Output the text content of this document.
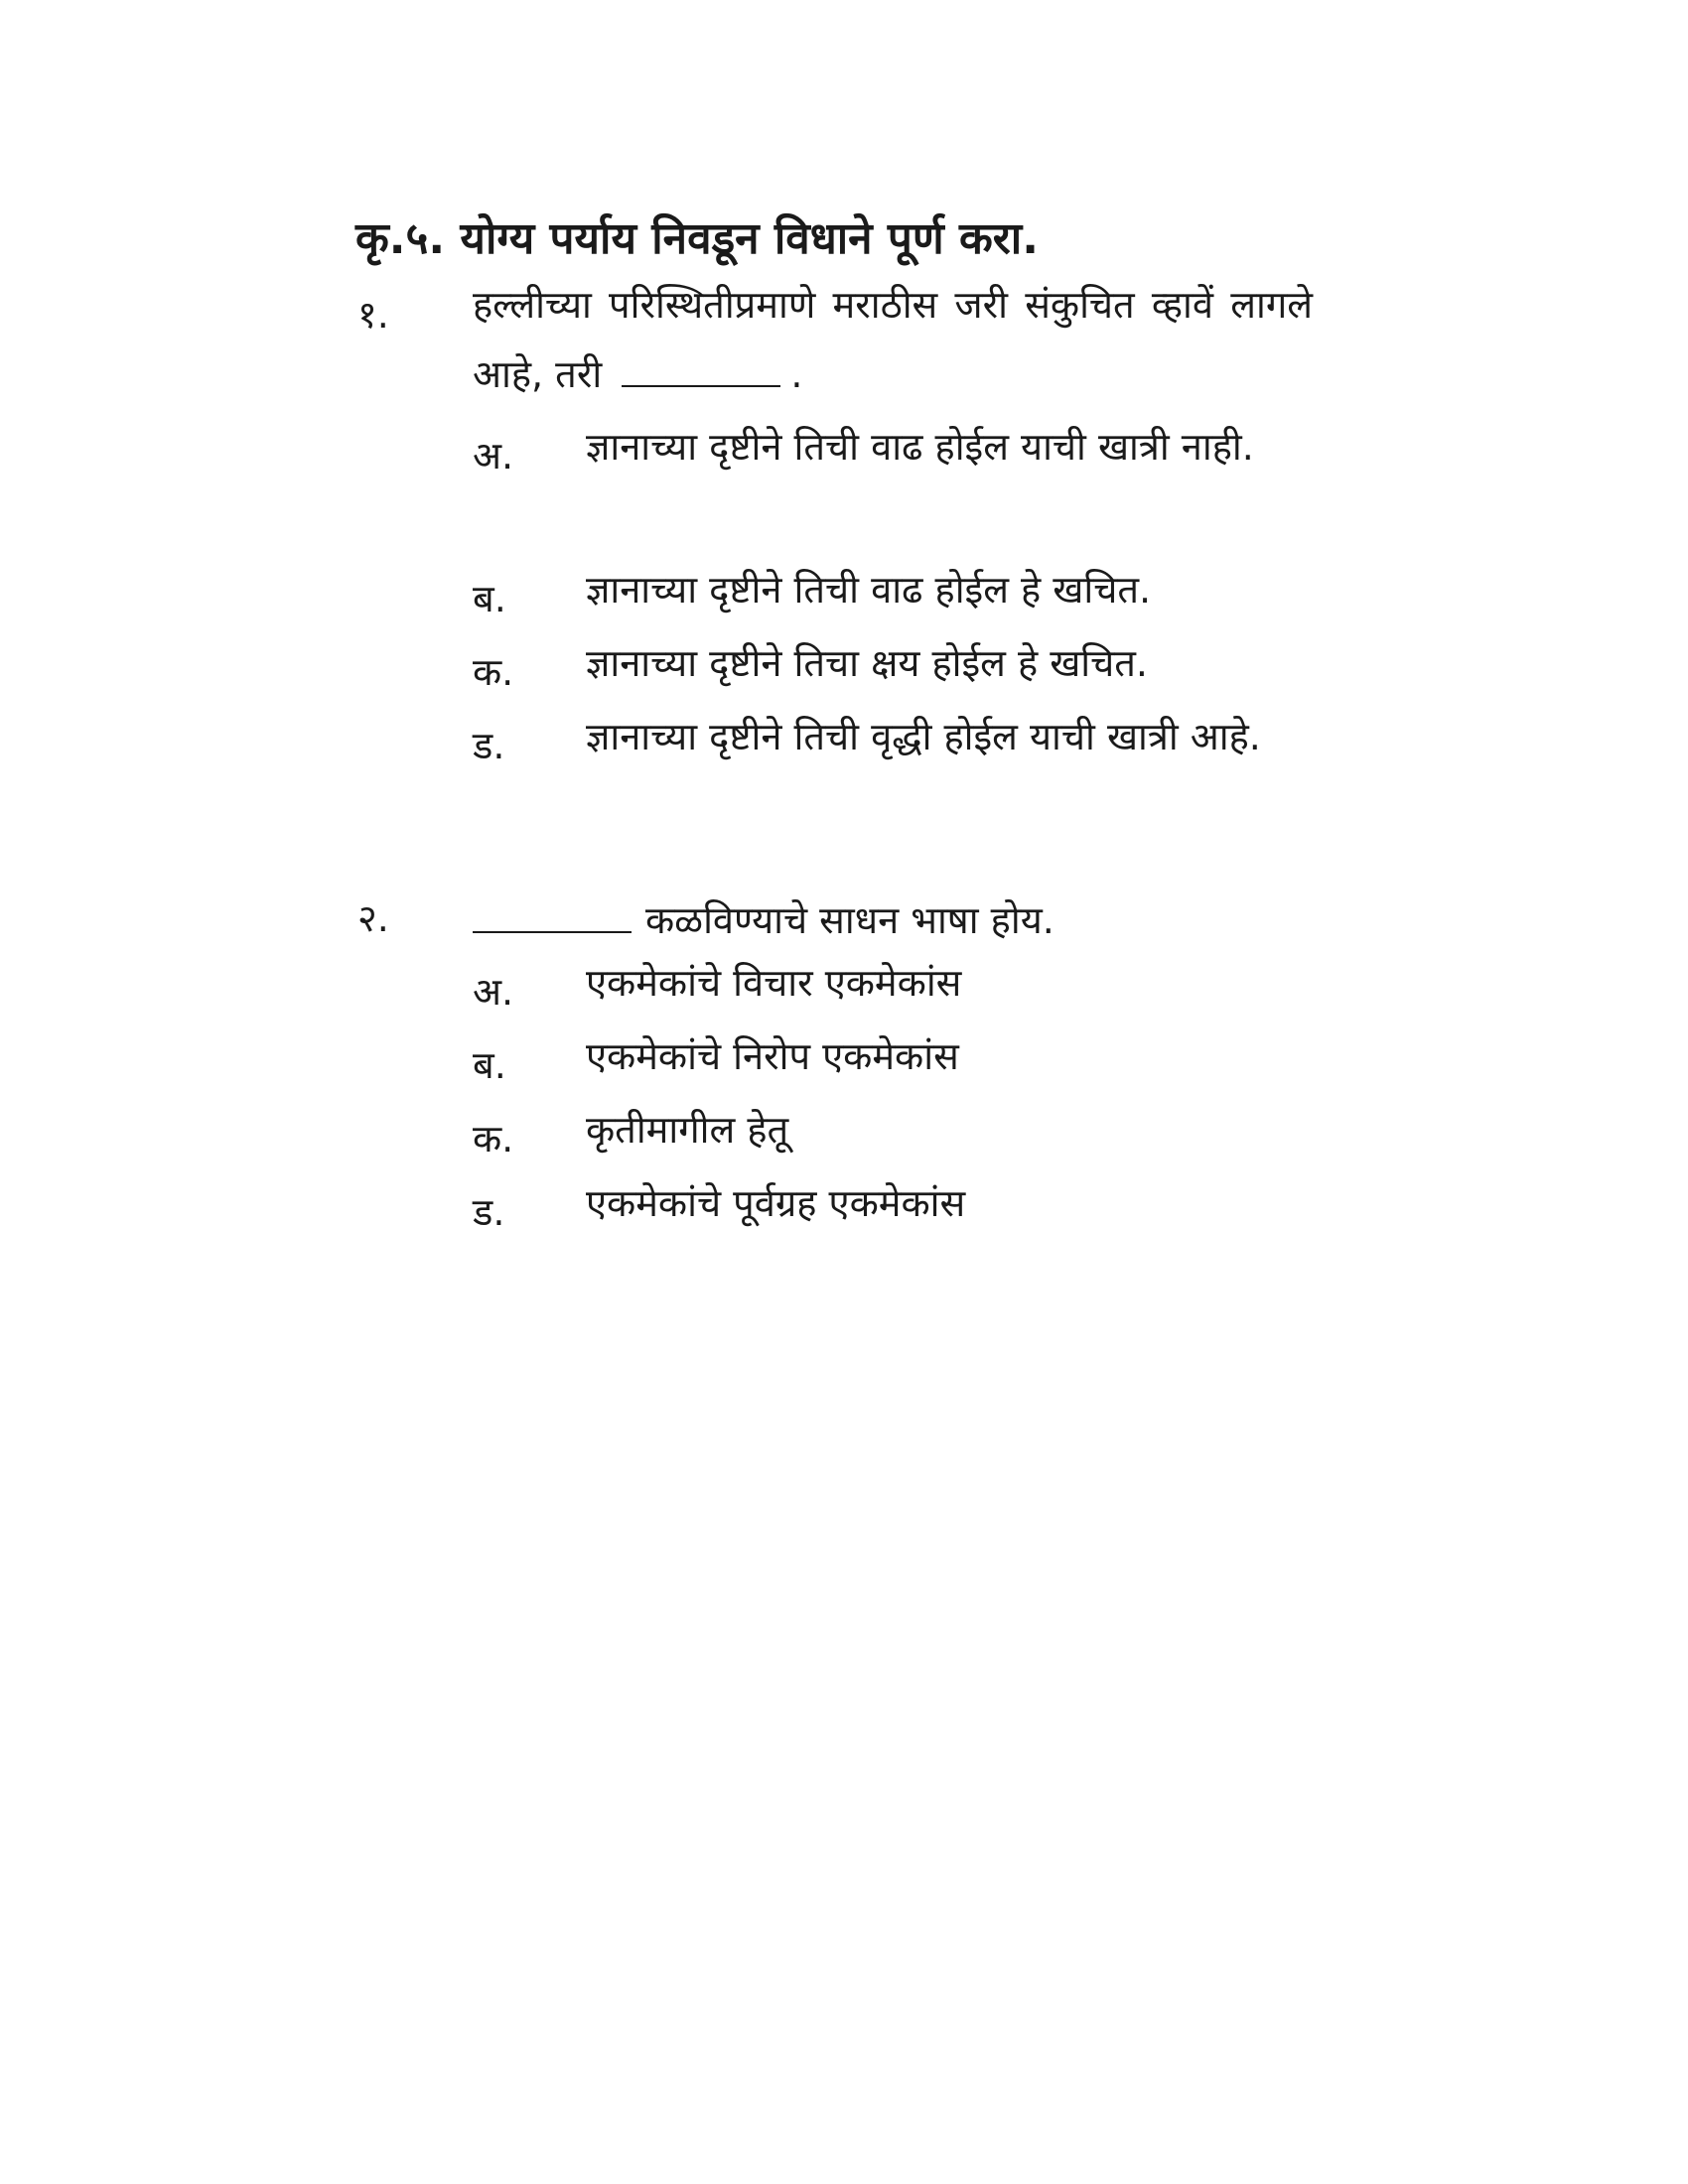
कृ.५. योग्य पर्याय निवडून विधाने पूर्ण करा.
१. हल्लीच्या परिस्थितीप्रमाणे मराठीस जरी संकुचित व्हावें लागले आहे, तरी	.
अ. ज्ञानाच्या दृष्टीने तिची वाढ होईल याची खात्री नाही.
ब. ज्ञानाच्या दृष्टीने तिची वाढ होईल हे खचित.
क. ज्ञानाच्या दृष्टीने तिचा क्षय होईल हे खचित.
ड. ज्ञानाच्या दृष्टीने तिची वृद्धी होईल याची खात्री आहे.
२.	कळविण्याचे साधन भाषा होय.
अ. एकमेकांचे विचार एकमेकांस
ब. एकमेकांचे निरोप एकमेकांस
क. कृतीमागील हेतू
ड. एकमेकांचे पूर्वग्रह एकमेकांस
